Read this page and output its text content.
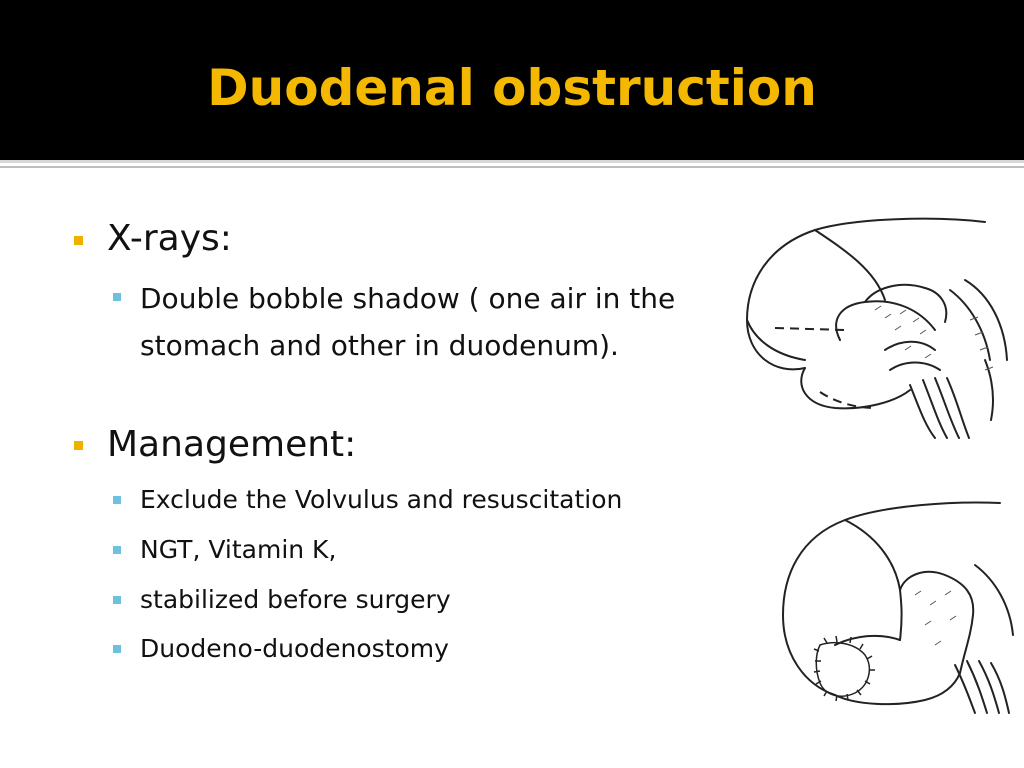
Duodenal obstruction
X-rays:
Double bobble shadow ( one air in the stomach and other in duodenum).
Management:
Exclude the Volvulus and resuscitation
NGT, Vitamin K,
stabilized before surgery
Duodeno-duodenostomy
